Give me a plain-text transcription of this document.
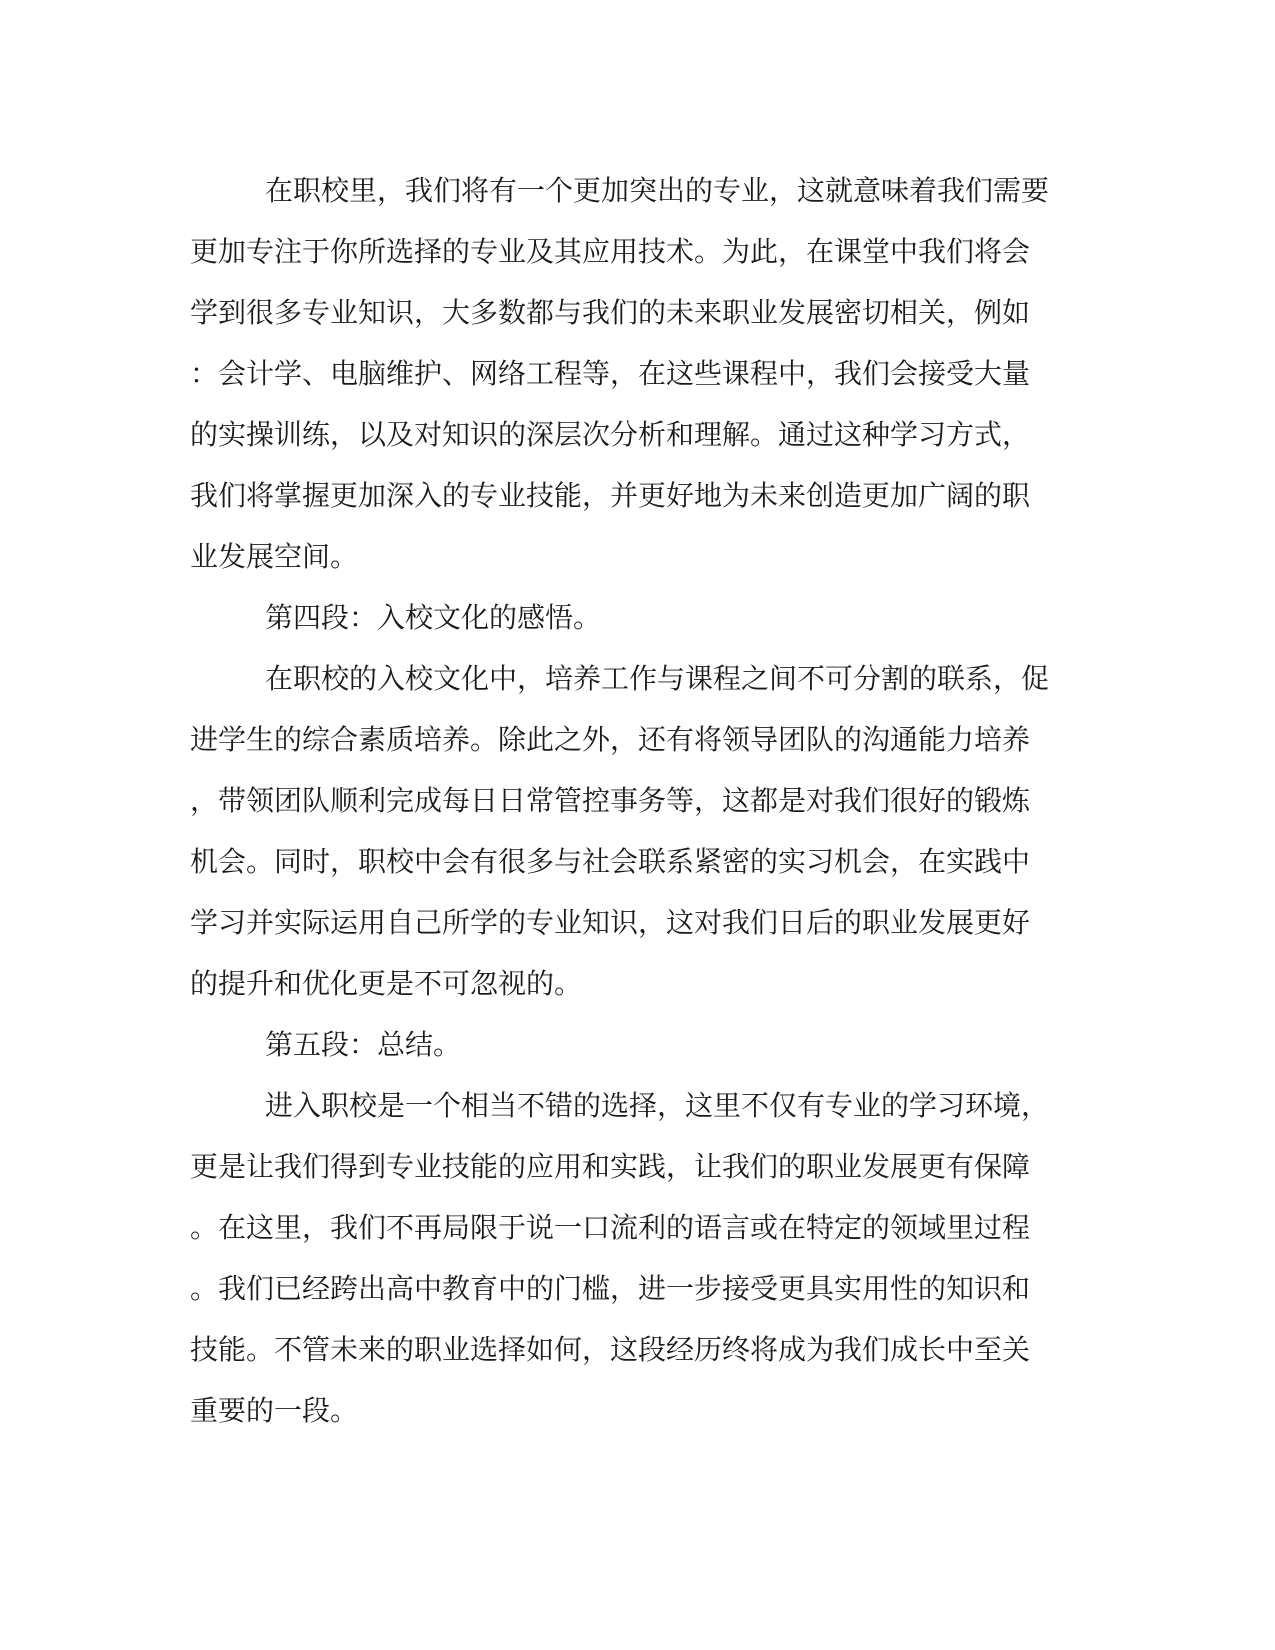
在职校里，我们将有一个更加突出的专业，这就意味着我们需要
更加专注于你所选择的专业及其应用技术。为此，在课堂中我们将会
学到很多专业知识，大多数都与我们的未来职业发展密切相关，例如
：会计学、电脑维护、网络工程等，在这些课程中，我们会接受大量
的实操训练，以及对知识的深层次分析和理解。通过这种学习方式，
我们将掌握更加深入的专业技能，并更好地为未来创造更加广阔的职
业发展空间。
第四段：入校文化的感悟。
在职校的入校文化中，培养工作与课程之间不可分割的联系，促
进学生的综合素质培养。除此之外，还有将领导团队的沟通能力培养
，带领团队顺利完成每日日常管控事务等，这都是对我们很好的锻炼
机会。同时，职校中会有很多与社会联系紧密的实习机会，在实践中
学习并实际运用自己所学的专业知识，这对我们日后的职业发展更好
的提升和优化更是不可忽视的。
第五段：总结。
进入职校是一个相当不错的选择，这里不仅有专业的学习环境，
更是让我们得到专业技能的应用和实践，让我们的职业发展更有保障
。在这里，我们不再局限于说一口流利的语言或在特定的领域里过程
。我们已经跨出高中教育中的门槛，进一步接受更具实用性的知识和
技能。不管未来的职业选择如何，这段经历终将成为我们成长中至关
重要的一段。
